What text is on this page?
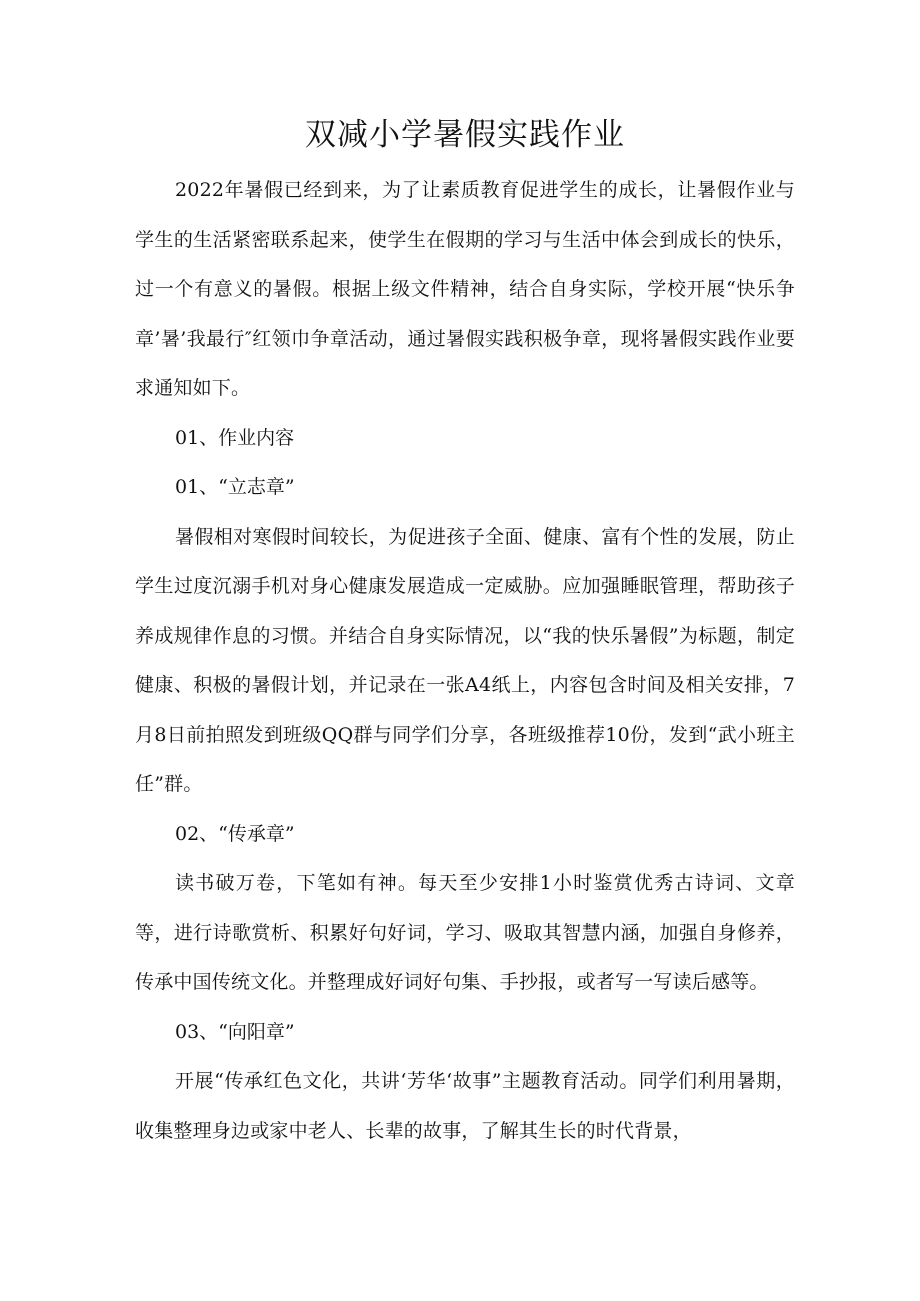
双减小学暑假实践作业

2022年暑假已经到来，为了让素质教育促进学生的成长，让暑假作业与学生的生活紧密联系起来，使学生在假期的学习与生活中体会到成长的快乐，过一个有意义的暑假。根据上级文件精神，结合自身实际，学校开展“快乐争章’暑’我最行″红领巾争章活动，通过暑假实践积极争章，现将暑假实践作业要求通知如下。

01、作业内容

01、“立志章”

暑假相对寒假时间较长，为促进孩子全面、健康、富有个性的发展，防止学生过度沉溺手机对身心健康发展造成一定威胁。应加强睡眠管理，帮助孩子养成规律作息的习惯。并结合自身实际情况，以“我的快乐暑假”为标题，制定健康、积极的暑假计划，并记录在一张A4纸上，内容包含时间及相关安排，7月8日前拍照发到班级QQ群与同学们分享，各班级推荐10份，发到“武小班主任”群。

02、“传承章”

读书破万卷，下笔如有神。每天至少安排1小时鉴赏优秀古诗词、文章等，进行诗歌赏析、积累好句好词，学习、吸取其智慧内涵，加强自身修养，传承中国传统文化。并整理成好词好句集、手抄报，或者写一写读后感等。

03、“向阳章”

开展“传承红色文化，共讲‘芳华‘故事”主题教育活动。同学们利用暑期，收集整理身边或家中老人、长辈的故事，了解其生长的时代背景，
